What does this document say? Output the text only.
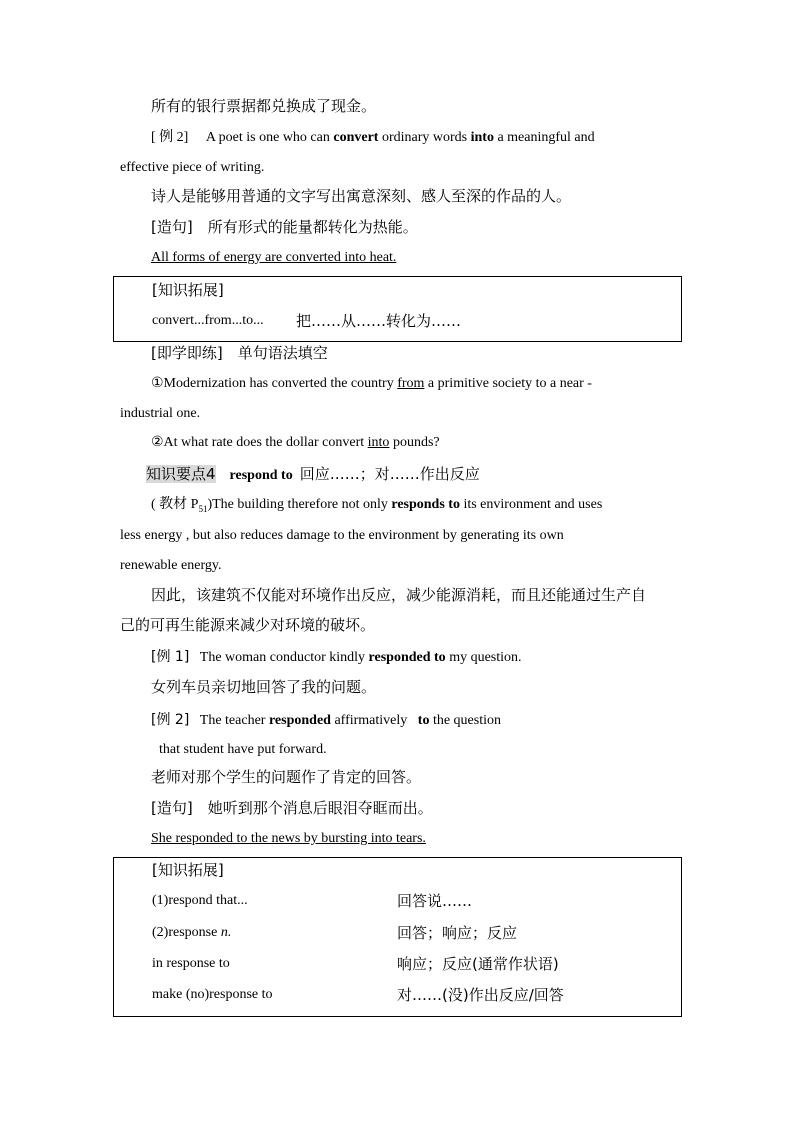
所有的银行票据都兑换成了现金。
[ 例 2] A poet is one who can convert ordinary words into a meaningful and
effective piece of writing.
诗人是能够用普通的文字写出寓意深刻、感人至深的作品的人。
[造句]　所有形式的能量都转化为热能。
All forms of energy are converted into heat.
[知识拓展]
convert...from...to... 把……从……转化为……
[即学即练]　单句语法填空
①Modernization has converted the country from a primitive society to a near -
industrial one.
②At what rate does the dollar convert into pounds?
知识要点4 respond to 回应……；对……作出反应
( 教材 $P_{51})The$ building therefore not only responds to its environment and uses
less energy , but also reduces damage to the environment by generating its own
renewable energy.
因此，该建筑不仅能对环境作出反应，减少能源消耗，而且还能通过生产自
己的可再生能源来减少对环境的破坏。
[例 1] The woman conductor kindly responded to my question.
女列车员亲切地回答了我的问题。
[例 2] The teacher responded affirmatively   to the question
that student have put forward.
老师对那个学生的问题作了肯定的回答。
[造句]　她听到那个消息后眼泪夺眶而出。
She responded to the news by bursting into tears.
[知识拓展]
(1)respond that...	回答说……
(2)response n.	回答；响应；反应
in response to	响应；反应(通常作状语)
make (no)response to	对……(没)作出反应/回答
